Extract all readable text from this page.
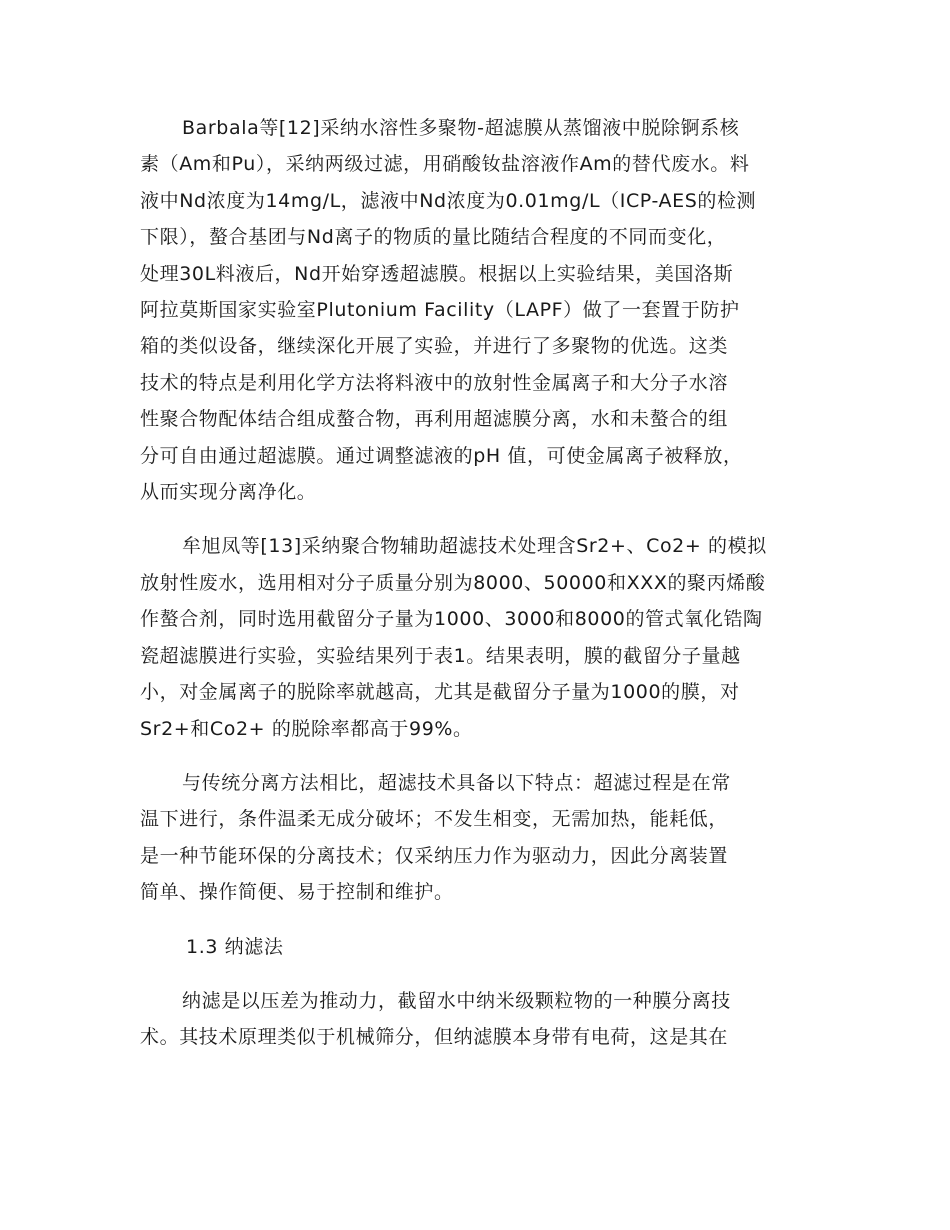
Barbala等[12]采纳水溶性多聚物-超滤膜从蒸馏液中脱除锕系核
素（Am和Pu），采纳两级过滤，用硝酸钕盐溶液作Am的替代废水。料
液中Nd浓度为14mg/L，滤液中Nd浓度为0.01mg/L（ICP-AES的检测
下限），螯合基团与Nd离子的物质的量比随结合程度的不同而变化，
处理30L料液后，Nd开始穿透超滤膜。根据以上实验结果，美国洛斯
阿拉莫斯国家实验室Plutonium Facility（LAPF）做了一套置于防护
箱的类似设备，继续深化开展了实验，并进行了多聚物的优选。这类
技术的特点是利用化学方法将料液中的放射性金属离子和大分子水溶
性聚合物配体结合组成螯合物，再利用超滤膜分离，水和未螯合的组
分可自由通过超滤膜。通过调整滤液的pH 值，可使金属离子被释放，
从而实现分离净化。

牟旭凤等[13]采纳聚合物辅助超滤技术处理含Sr2+、Co2+ 的模拟
放射性废水，选用相对分子质量分别为8000、50000和XXX的聚丙烯酸
作螯合剂，同时选用截留分子量为1000、3000和8000的管式氧化锆陶
瓷超滤膜进行实验，实验结果列于表1。结果表明，膜的截留分子量越
小，对金属离子的脱除率就越高，尤其是截留分子量为1000的膜，对
Sr2+和Co2+ 的脱除率都高于99%。

与传统分离方法相比，超滤技术具备以下特点：超滤过程是在常
温下进行，条件温柔无成分破坏；不发生相变，无需加热，能耗低，
是一种节能环保的分离技术；仅采纳压力作为驱动力，因此分离装置
简单、操作简便、易于控制和维护。

1.3 纳滤法

纳滤是以压差为推动力，截留水中纳米级颗粒物的一种膜分离技
术。其技术原理类似于机械筛分，但纳滤膜本身带有电荷，这是其在
